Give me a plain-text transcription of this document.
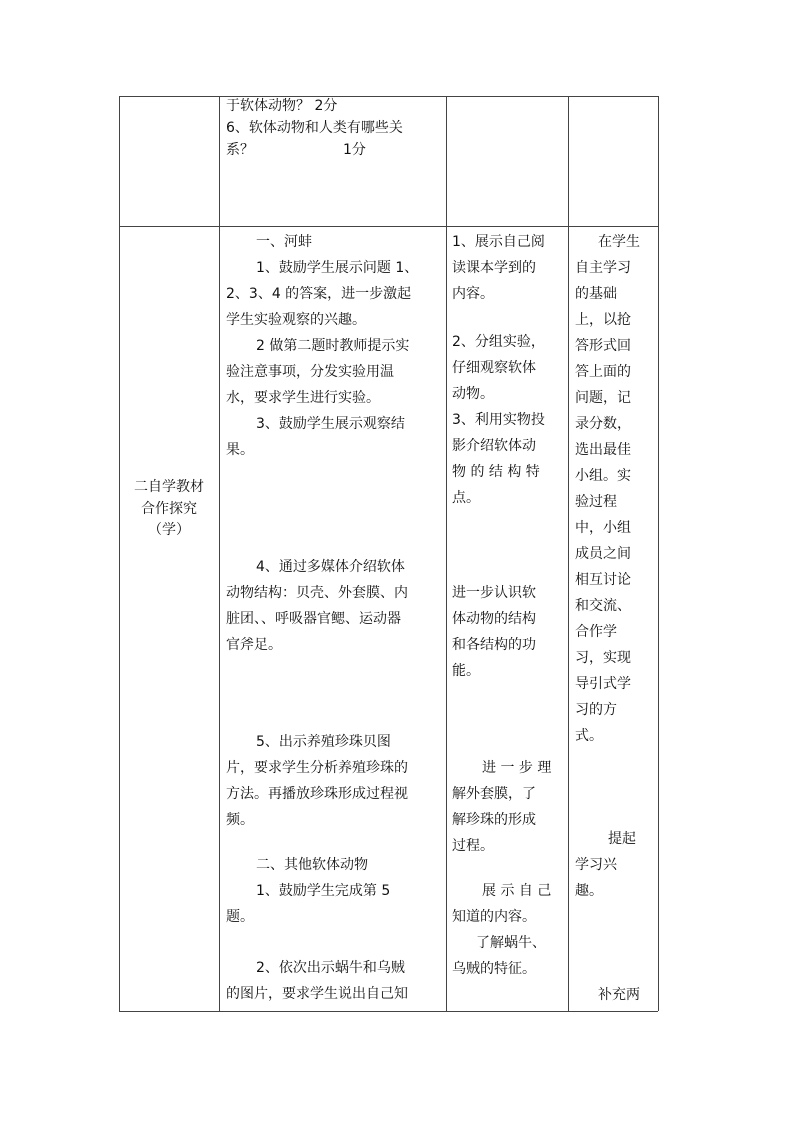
于软体动物？ 2分
6、软体动物和人类有哪些关
系？                    1分
二自学教材
合作探究
（学）
一、河蚌
1、鼓励学生展示问题 1、
2、3、4 的答案，进一步激起
学生实验观察的兴趣。
2 做第二题时教师提示实
验注意事项，分发实验用温
水，要求学生进行实验。
3、鼓励学生展示观察结
果。
4、通过多媒体介绍软体
动物结构：贝壳、外套膜、内
脏团、、呼吸器官鳃、运动器
官斧足。
5、出示养殖珍珠贝图
片，要求学生分析养殖珍珠的
方法。再播放珍珠形成过程视
频。
二、其他软体动物
1、鼓励学生完成第 5
题。
2、依次出示蜗牛和乌贼
的图片，要求学生说出自己知
1、展示自己阅
读课本学到的
内容。
2、分组实验，
仔细观察软体
动物。
3、利用实物投
影介绍软体动
物 的 结 构 特
点。
进一步认识软
体动物的结构
和各结构的功
能。
进 一 步 理
解外套膜，了
解珍珠的形成
过程。
展 示 自 己
知道的内容。
了解蜗牛、
乌贼的特征。
在学生
自主学习
的基础
上，以抢
答形式回
答上面的
问题，记
录分数，
选出最佳
小组。实
验过程
中，小组
成员之间
相互讨论
和交流、
合作学
习，实现
导引式学
习的方
式。
提起
学习兴
趣。
补充两
